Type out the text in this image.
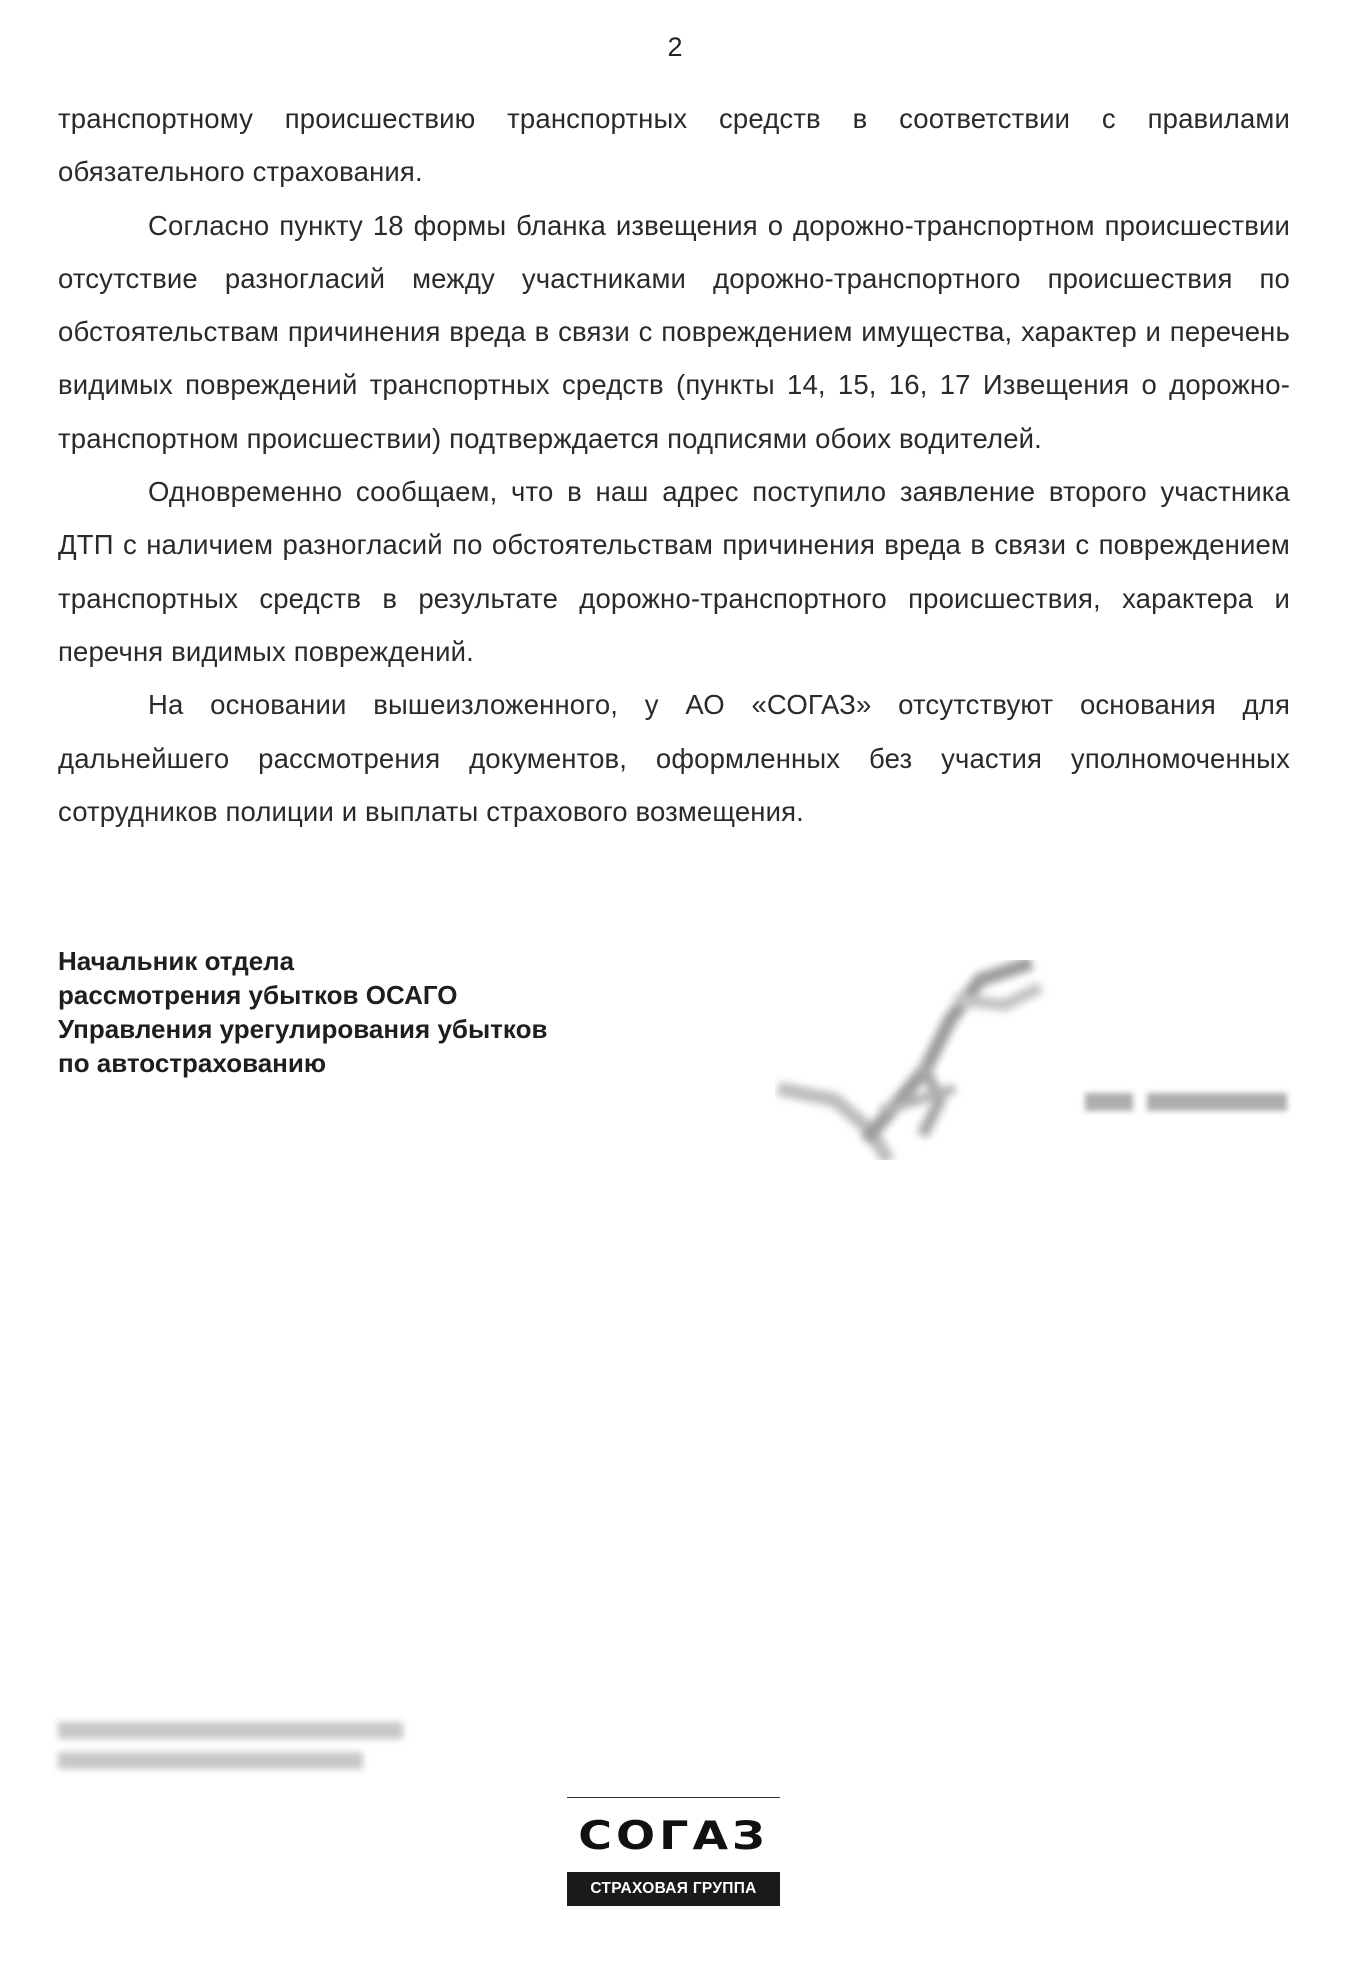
2

транспортному происшествию транспортных средств в соответствии с правилами обязательного страхования.

Согласно пункту 18 формы бланка извещения о дорожно-транспортном происшествии отсутствие разногласий между участниками дорожно-транспортного происшествия по обстоятельствам причинения вреда в связи с повреждением имущества, характер и перечень видимых повреждений транспортных средств (пункты 14, 15, 16, 17 Извещения о дорожно-транспортном происшествии) подтверждается подписями обоих водителей.

Одновременно сообщаем, что в наш адрес поступило заявление второго участника ДТП с наличием разногласий по обстоятельствам причинения вреда в связи с повреждением транспортных средств в результате дорожно-транспортного происшествия, характера и перечня видимых повреждений.

На основании вышеизложенного, у АО «СОГАЗ» отсутствуют основания для дальнейшего рассмотрения документов, оформленных без участия уполномоченных сотрудников полиции и выплаты страхового возмещения.

Начальник отдела
рассмотрения убытков ОСАГО
Управления урегулирования убытков
по автострахованию
СОГАЗ
СТРАХОВАЯ ГРУППА
